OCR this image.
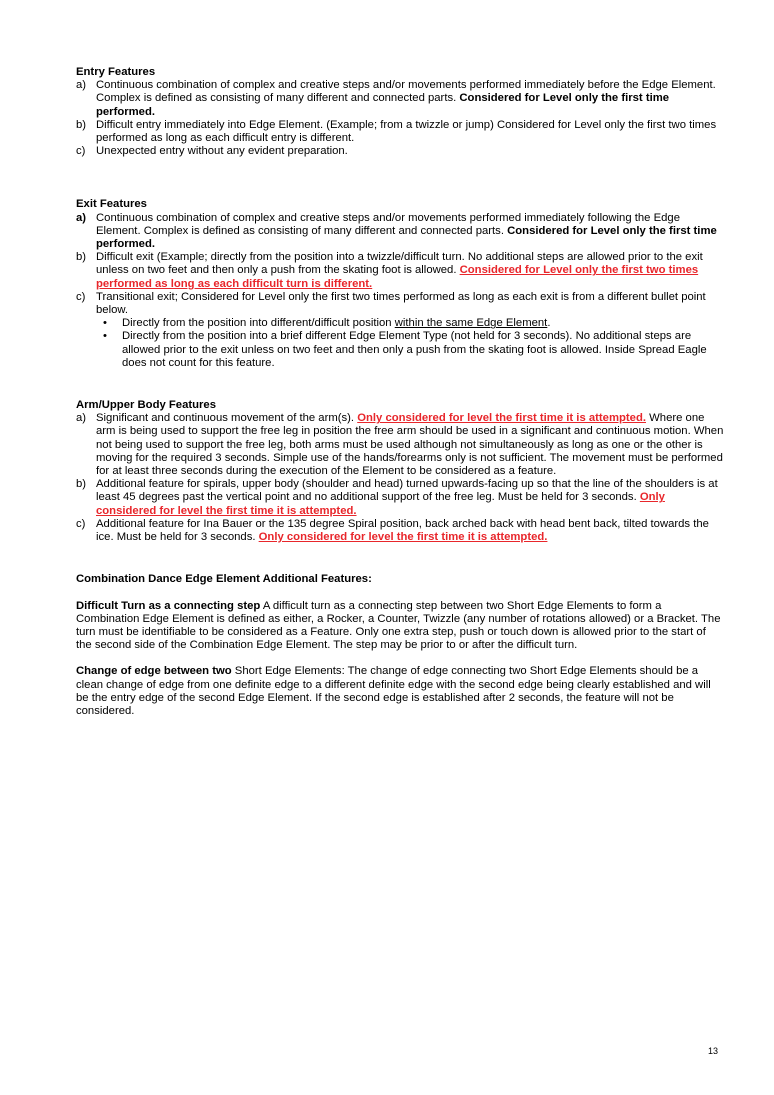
Entry Features
a) Continuous combination of complex and creative steps and/or movements performed immediately before the Edge Element. Complex is defined as consisting of many different and connected parts. Considered for Level only the first time performed.
b) Difficult entry immediately into Edge Element. (Example; from a twizzle or jump) Considered for Level only the first two times performed as long as each difficult entry is different.
c) Unexpected entry without any evident preparation.
Exit Features
a) Continuous combination of complex and creative steps and/or movements performed immediately following the Edge Element. Complex is defined as consisting of many different and connected parts. Considered for Level only the first time performed.
b) Difficult exit (Example; directly from the position into a twizzle/difficult turn. No additional steps are allowed prior to the exit unless on two feet and then only a push from the skating foot is allowed. Considered for Level only the first two times performed as long as each difficult turn is different.
c) Transitional exit; Considered for Level only the first two times performed as long as each exit is from a different bullet point below.
• Directly from the position into different/difficult position within the same Edge Element.
• Directly from the position into a brief different Edge Element Type (not held for 3 seconds). No additional steps are allowed prior to the exit unless on two feet and then only a push from the skating foot is allowed. Inside Spread Eagle does not count for this feature.
Arm/Upper Body Features
a) Significant and continuous movement of the arm(s). Only considered for level the first time it is attempted. Where one arm is being used to support the free leg in position the free arm should be used in a significant and continuous motion. When not being used to support the free leg, both arms must be used although not simultaneously as long as one or the other is moving for the required 3 seconds. Simple use of the hands/forearms only is not sufficient. The movement must be performed for at least three seconds during the execution of the Element to be considered as a feature.
b) Additional feature for spirals, upper body (shoulder and head) turned upwards-facing up so that the line of the shoulders is at least 45 degrees past the vertical point and no additional support of the free leg. Must be held for 3 seconds. Only considered for level the first time it is attempted.
c) Additional feature for Ina Bauer or the 135 degree Spiral position, back arched back with head bent back, tilted towards the ice. Must be held for 3 seconds. Only considered for level the first time it is attempted.
Combination Dance Edge Element Additional Features:

Difficult Turn as a connecting step A difficult turn as a connecting step between two Short Edge Elements to form a Combination Edge Element is defined as either, a Rocker, a Counter, Twizzle (any number of rotations allowed) or a Bracket. The turn must be identifiable to be considered as a Feature. Only one extra step, push or touch down is allowed prior to the start of the second side of the Combination Edge Element. The step may be prior to or after the difficult turn.

Change of edge between two Short Edge Elements: The change of edge connecting two Short Edge Elements should be a clean change of edge from one definite edge to a different definite edge with the second edge being clearly established and will be the entry edge of the second Edge Element. If the second edge is established after 2 seconds, the feature will not be considered.

13
